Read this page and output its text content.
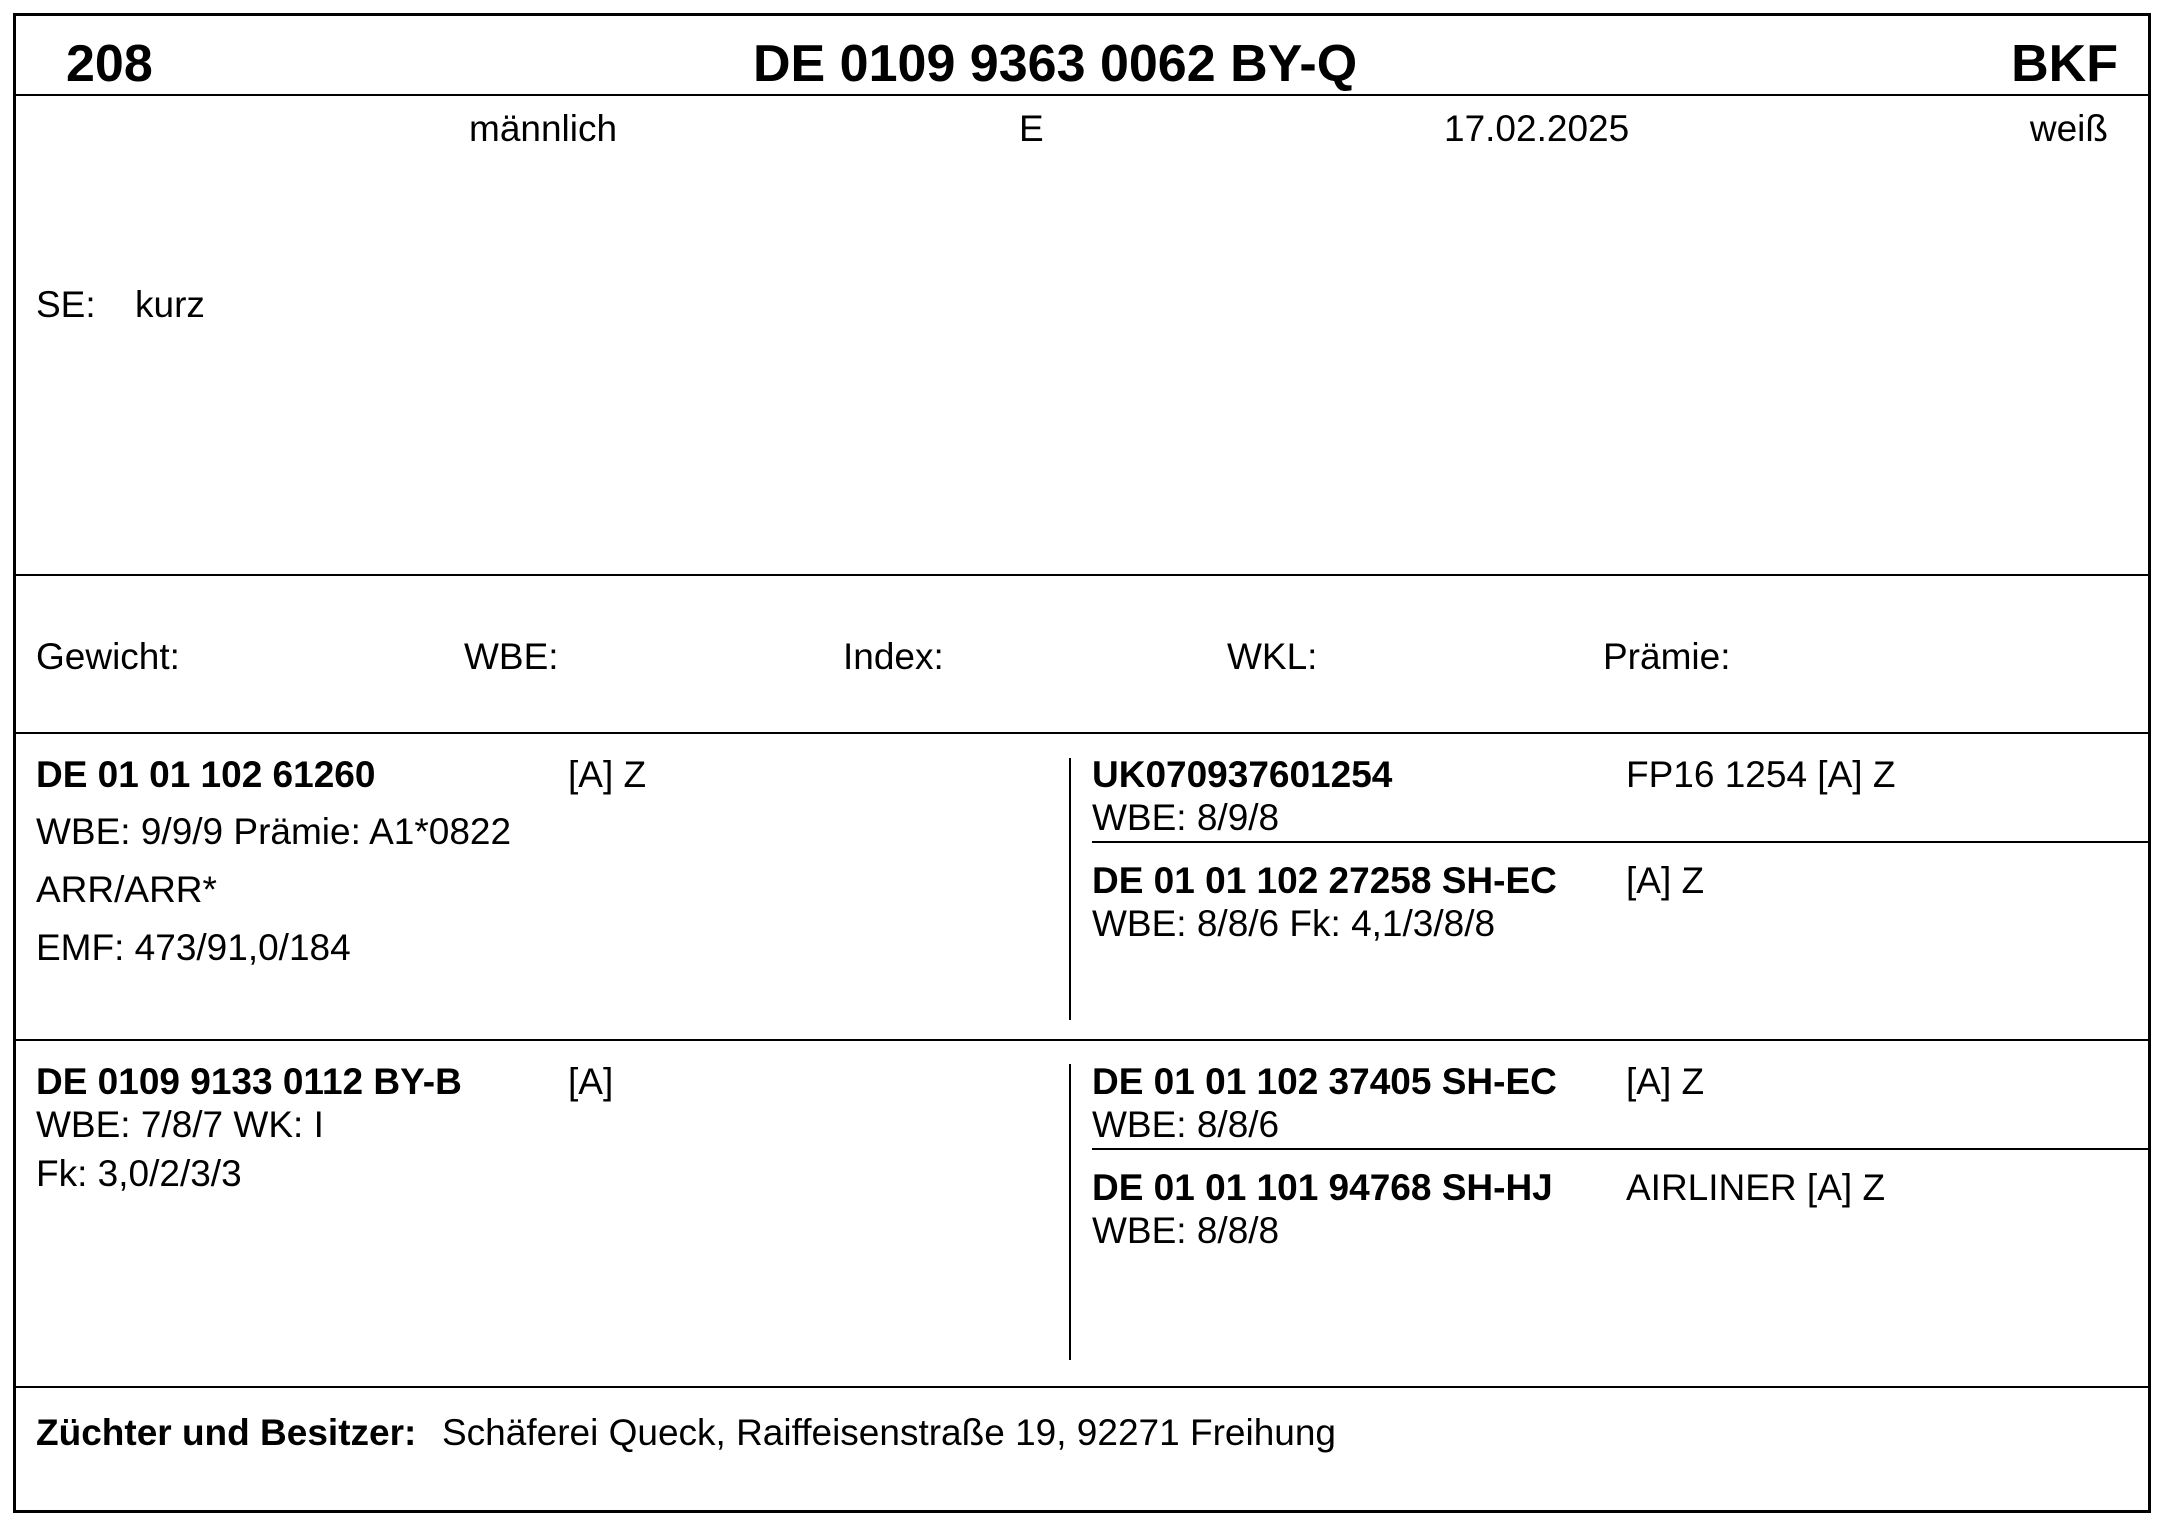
208	DE 0109 9363 0062 BY-Q	BKF
männlich	E	17.02.2025	weiß
SE: kurz
Gewicht:	WBE:	Index:	WKL:	Prämie:
DE 01 01 102 61260	[A] Z
WBE: 9/9/9 Prämie: A1*0822
ARR/ARR*
EMF: 473/91,0/184
UK070937601254	FP16 1254 [A] Z
WBE: 8/9/8
DE 01 01 102 27258 SH-EC [A] Z
WBE: 8/8/6 Fk: 4,1/3/8/8
DE 0109 9133 0112 BY-B	[A]
WBE: 7/8/7 WK: I
Fk: 3,0/2/3/3
DE 01 01 102 37405 SH-EC [A] Z
WBE: 8/8/6
DE 01 01 101 94768 SH-HJ AIRLINER [A] Z
WBE: 8/8/8
Züchter und Besitzer: Schäferei Queck, Raiffeisenstraße 19, 92271 Freihung
